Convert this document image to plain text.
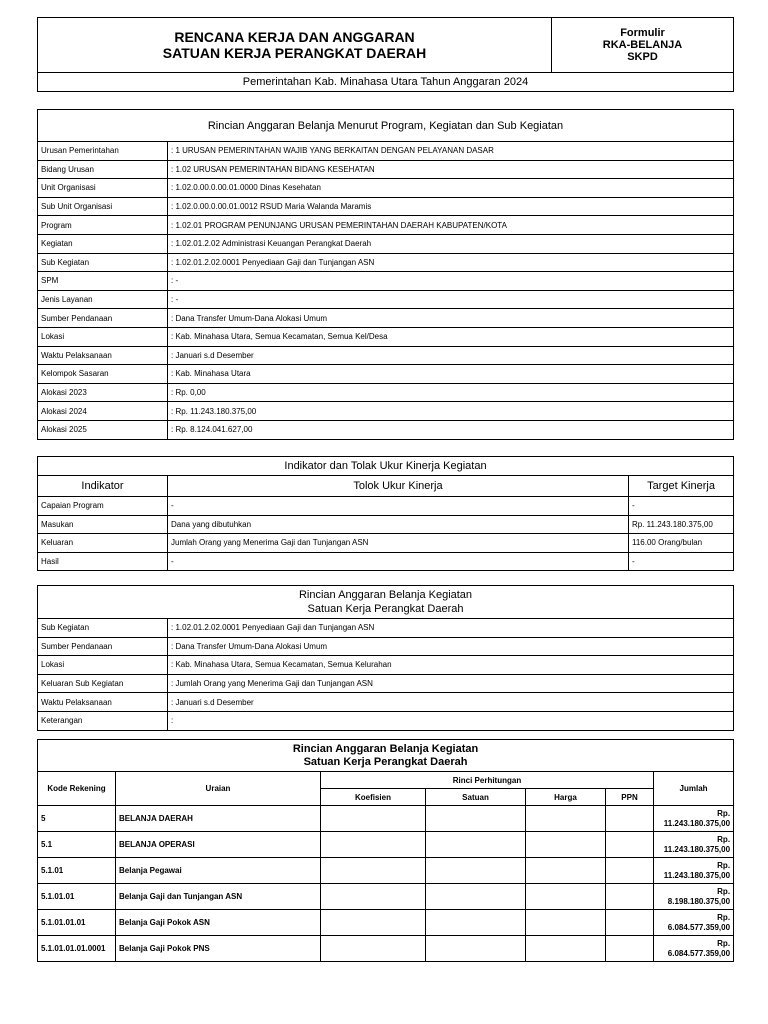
RENCANA KERJA DAN ANGGARAN
SATUAN KERJA PERANGKAT DAERAH

Formulir
RKA-BELANJA
SKPD

Pemerintahan Kab. Minahasa Utara Tahun Anggaran 2024
Rincian Anggaran Belanja Menurut Program, Kegiatan dan Sub Kegiatan	
Urusan Pemerintahan	: 1 URUSAN PEMERINTAHAN WAJIB YANG BERKAITAN DENGAN PELAYANAN DASAR
Bidang Urusan	: 1.02 URUSAN PEMERINTAHAN BIDANG KESEHATAN
Unit Organisasi	: 1.02.0.00.0.00.01.0000 Dinas Kesehatan
Sub Unit Organisasi	: 1.02.0.00.0.00.01.0012 RSUD Maria Walanda Maramis
Program	: 1.02.01 PROGRAM PENUNJANG URUSAN PEMERINTAHAN DAERAH KABUPATEN/KOTA
Kegiatan	: 1.02.01.2.02 Administrasi Keuangan Perangkat Daerah
Sub Kegiatan	: 1.02.01.2.02.0001 Penyediaan Gaji dan Tunjangan ASN
SPM	: -
Jenis Layanan	: -
Sumber Pendanaan	: Dana Transfer Umum-Dana Alokasi Umum
Lokasi	: Kab. Minahasa Utara, Semua Kecamatan, Semua Kel/Desa
Waktu Pelaksanaan	: Januari s.d Desember
Kelompok Sasaran	: Kab. Minahasa Utara
Alokasi 2023	: Rp. 0,00
Alokasi 2024	: Rp. 11.243.180.375,00
Alokasi 2025	: Rp. 8.124.041.627,00
Indikator dan Tolak Ukur Kinerja Kegiatan		
Indikator	Tolok Ukur Kinerja	Target Kinerja
Capaian Program	-	-
Masukan	Dana yang dibutuhkan	Rp. 11.243.180.375,00
Keluaran	Jumlah Orang yang Menerima Gaji dan Tunjangan ASN	116.00 Orang/bulan
Hasil	-	-
Rincian Anggaran Belanja Kegiatan
Satuan Kerja Perangkat Daerah	

Sub Kegiatan	: 1.02.01.2.02.0001 Penyediaan Gaji dan Tunjangan ASN
Sumber Pendanaan	: Dana Transfer Umum-Dana Alokasi Umum
Lokasi	: Kab. Minahasa Utara, Semua Kecamatan, Semua Kelurahan
Keluaran Sub Kegiatan	: Jumlah Orang yang Menerima Gaji dan Tunjangan ASN
Waktu Pelaksanaan	: Januari s.d Desember
Keterangan	:
Rincian Anggaran Belanja Kegiatan
Satuan Kerja Perangkat Daerah						

Kode Rekening	Uraian	Rinci Perhitungan				Jumlah
		Koefisien	Satuan	Harga	PPN	
5	BELANJA DAERAH					Rp.
11.243.180.375,00

5.1	BELANJA OPERASI					Rp.
11.243.180.375,00

5.1.01	Belanja Pegawai					Rp.
11.243.180.375,00

5.1.01.01	Belanja Gaji dan Tunjangan ASN					Rp.
8.198.180.375,00

5.1.01.01.01	Belanja Gaji Pokok ASN					Rp.
6.084.577.359,00

5.1.01.01.01.0001	Belanja Gaji Pokok PNS					Rp.
6.084.577.359,00
